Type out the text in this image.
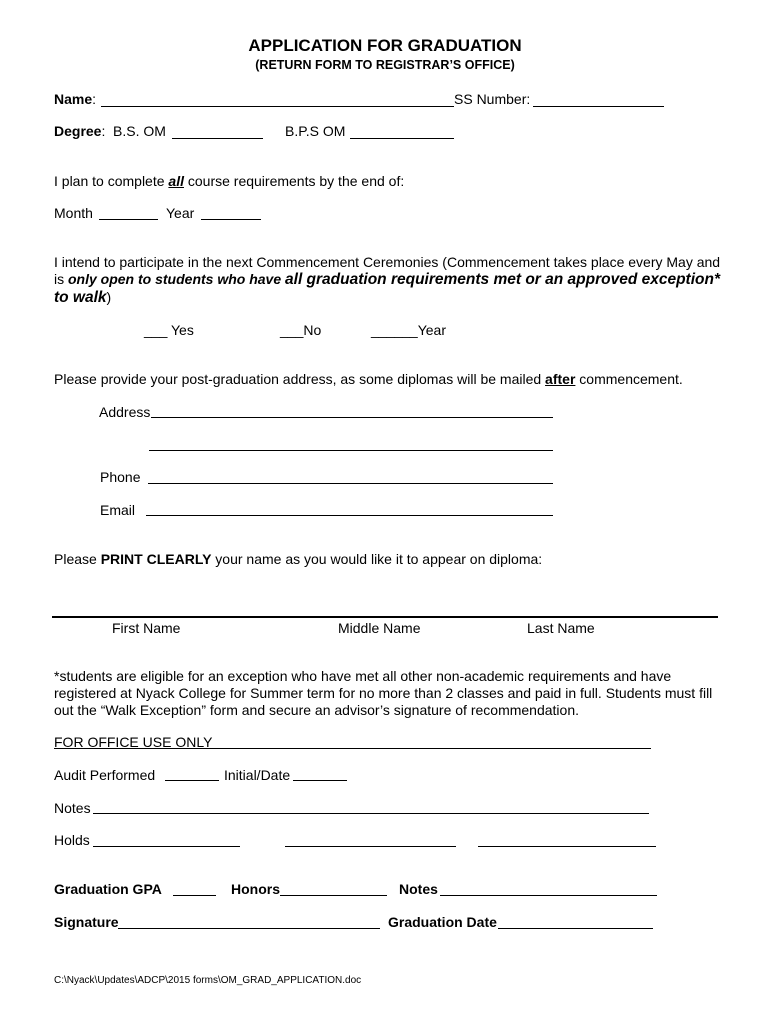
APPLICATION FOR GRADUATION
(RETURN FORM TO REGISTRAR’S OFFICE)
Name:	SS Number:
Degree: B.S. OM	B.P.S OM
I plan to complete all course requirements by the end of:
Month	Year
I intend to participate in the next Commencement Ceremonies (Commencement takes place every May and
is only open to students who have all graduation requirements met or an approved exception*
to walk)
___ Yes	___No	______Year
Please provide your post-graduation address, as some diplomas will be mailed after commencement.
Address
Phone
Email
Please PRINT CLEARLY your name as you would like it to appear on diploma:
First Name	Middle Name	Last Name
*students are eligible for an exception who have met all other non-academic requirements and have registered at Nyack College for Summer term for no more than 2 classes and paid in full. Students must fill out the “Walk Exception” form and secure an advisor’s signature of recommendation.
FOR OFFICE USE ONLY
Audit Performed	Initial/Date
Notes
Holds
Graduation GPA	Honors	Notes
Signature	Graduation Date
C:\Nyack\Updates\ADCP\2015 forms\OM_GRAD_APPLICATION.doc
